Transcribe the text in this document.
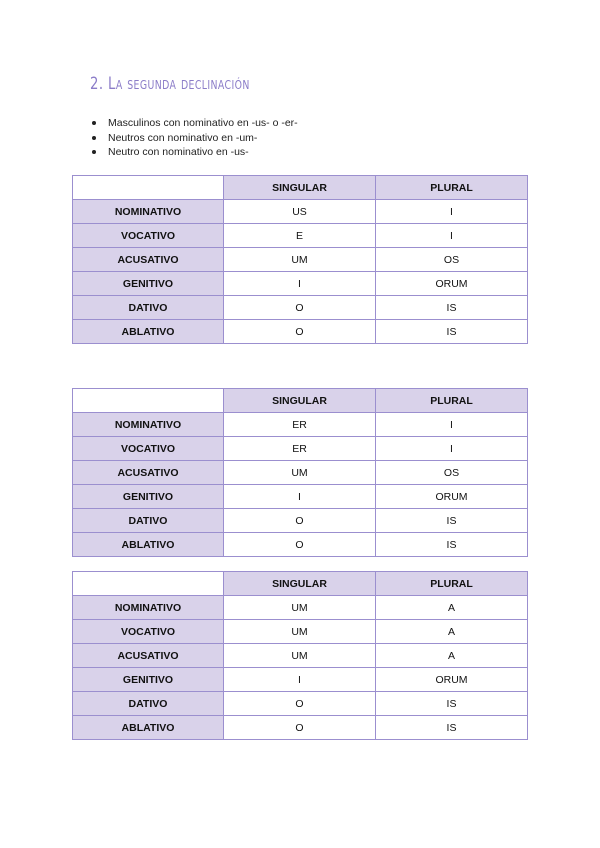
2. La segunda declinación
Masculinos con nominativo en -us- o -er-
Neutros con nominativo en -um-
Neutro con nominativo en -us-
	SINGULAR	PLURAL
NOMINATIVO	US	I
VOCATIVO	E	I
ACUSATIVO	UM	OS
GENITIVO	I	ORUM
DATIVO	O	IS
ABLATIVO	O	IS
	SINGULAR	PLURAL
NOMINATIVO	ER	I
VOCATIVO	ER	I
ACUSATIVO	UM	OS
GENITIVO	I	ORUM
DATIVO	O	IS
ABLATIVO	O	IS
	SINGULAR	PLURAL
NOMINATIVO	UM	A
VOCATIVO	UM	A
ACUSATIVO	UM	A
GENITIVO	I	ORUM
DATIVO	O	IS
ABLATIVO	O	IS
